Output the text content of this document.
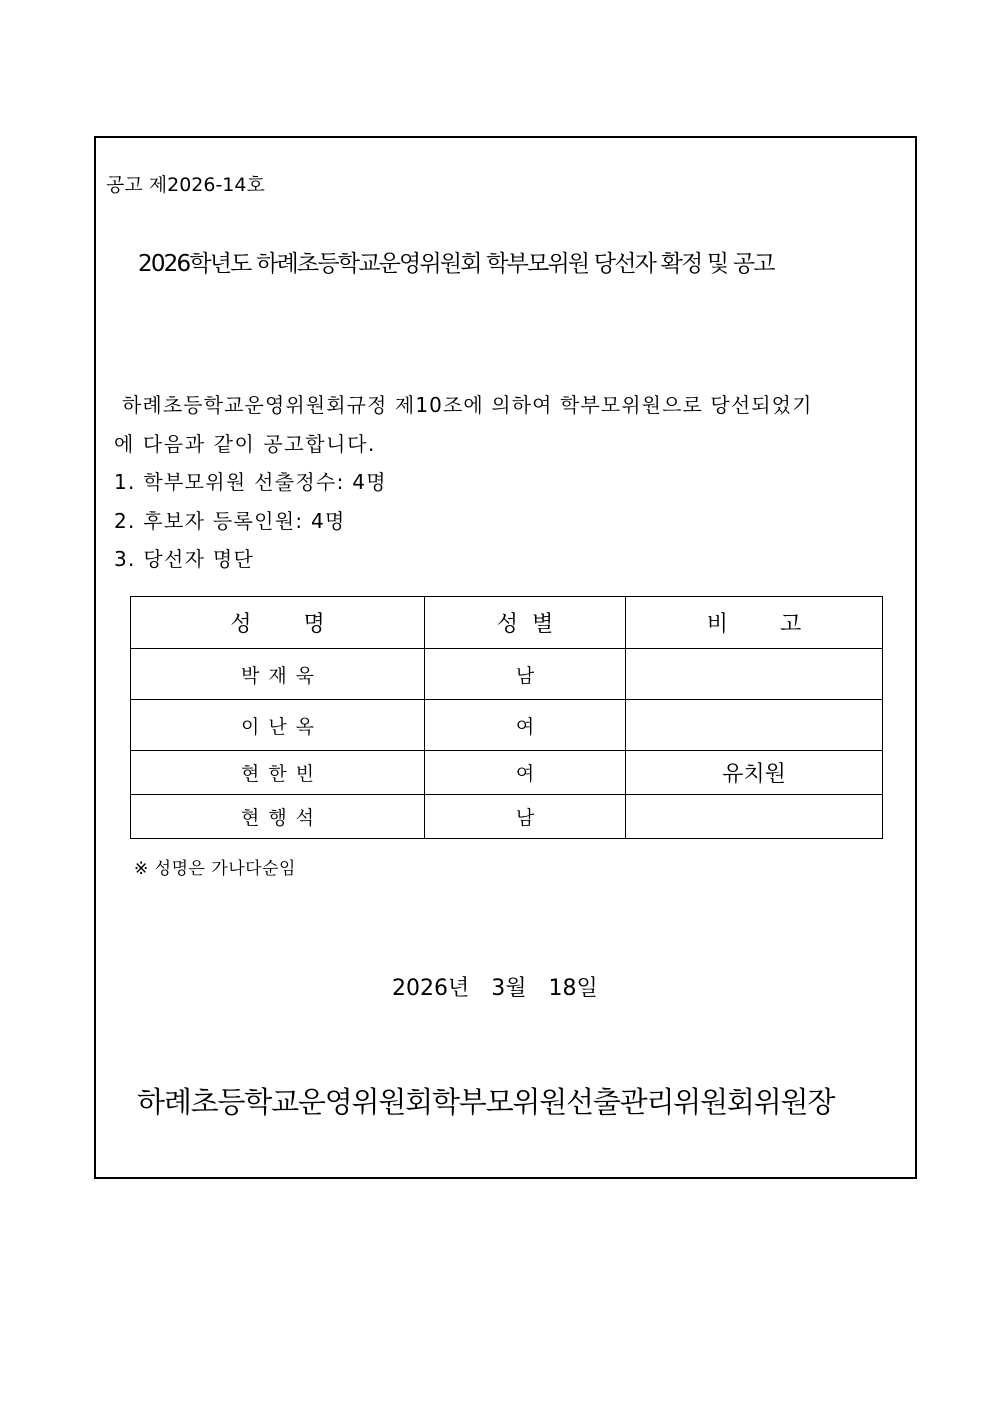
공고 제2026-14호
2026학년도 하례초등학교운영위원회 학부모위원 당선자 확정 및 공고
하례초등학교운영위원회규정 제10조에 의하여 학부모위원으로 당선되었기
에 다음과 같이 공고합니다.
1. 학부모위원 선출정수: 4명
2. 후보자 등록인원: 4명
3. 당선자 명단
성명	성별	비고
박재욱	남	
이난옥	여	
현한빈	여	유치원
현행석	남	
※ 성명은 가나다순임
2026년 3월 18일
하례초등학교운영위원회학부모위원선출관리위원회위원장
